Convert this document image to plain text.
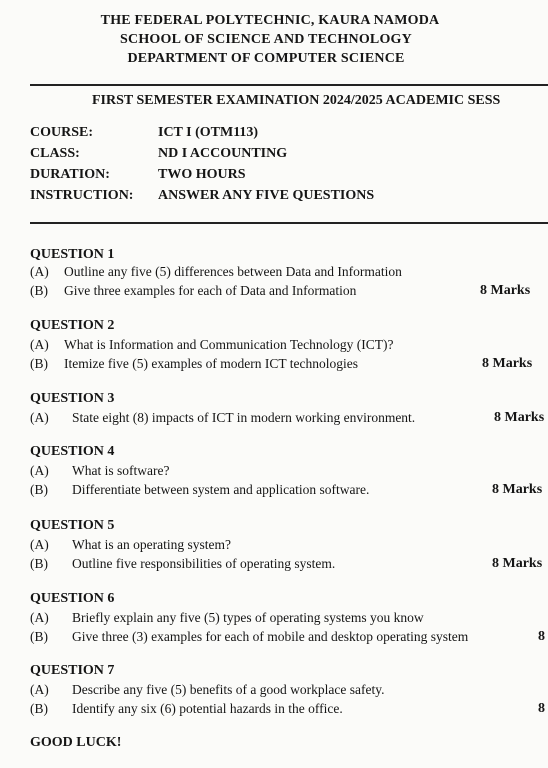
THE FEDERAL POLYTECHNIC, KAURA NAMODA
SCHOOL OF SCIENCE AND TECHNOLOGY
DEPARTMENT OF COMPUTER SCIENCE
FIRST SEMESTER EXAMINATION 2024/2025 ACADEMIC SESS
COURSE:	ICT I (OTM113)
CLASS:	ND I ACCOUNTING
DURATION:	TWO HOURS
INSTRUCTION: ANSWER ANY FIVE QUESTIONS
QUESTION 1
(A) Outline any five (5) differences between Data and Information
(B) Give three examples for each of Data and Information	8 Marks
QUESTION 2
(A) What is Information and Communication Technology (ICT)?
(B) Itemize five (5) examples of modern ICT technologies	8 Marks
QUESTION 3
(A) State eight (8) impacts of ICT in modern working environment.	8 Marks
QUESTION 4
(A) What is software?
(B) Differentiate between system and application software.	8 Marks
QUESTION 5
(A) What is an operating system?
(B) Outline five responsibilities of operating system.	8 Marks
QUESTION 6
(A) Briefly explain any five (5) types of operating systems you know
(B) Give three (3) examples for each of mobile and desktop operating system	8
QUESTION 7
(A) Describe any five (5) benefits of a good workplace safety.
(B) Identify any six (6) potential hazards in the office.	8
GOOD LUCK!
